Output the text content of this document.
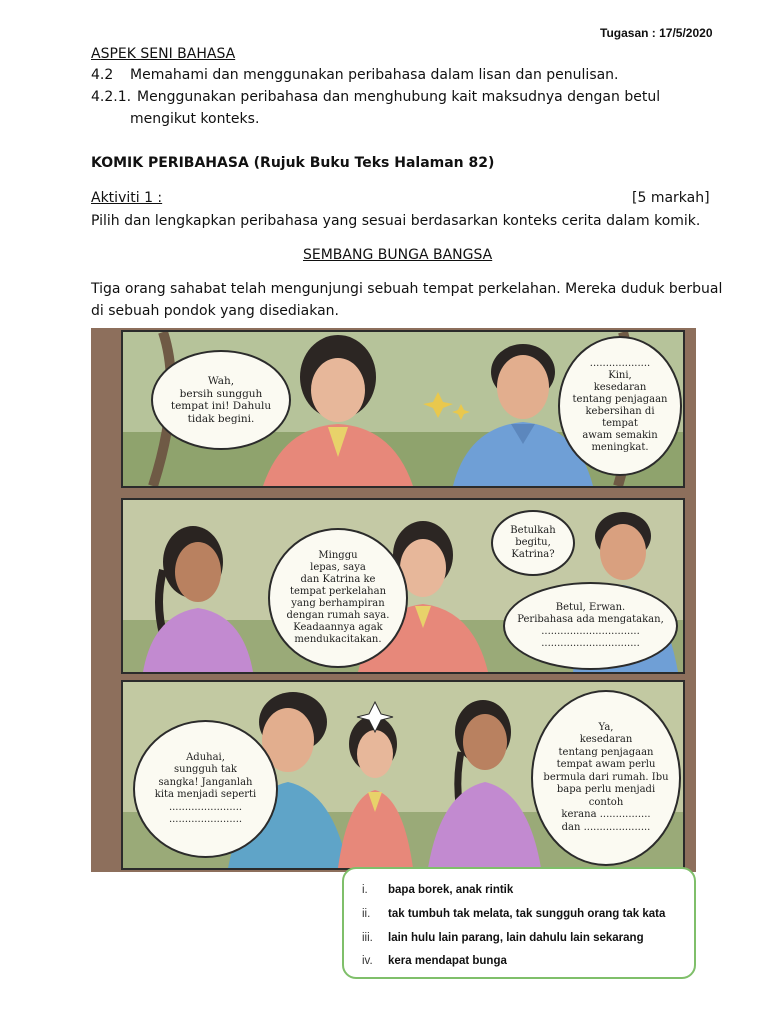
Tugasan : 17/5/2020
ASPEK SENI BAHASA
4.2 Memahami dan menggunakan peribahasa dalam lisan dan penulisan.
4.2.1. Menggunakan peribahasa dan menghubung kait maksudnya dengan betul
mengikut konteks.
KOMIK PERIBAHASA (Rujuk Buku Teks Halaman 82)
Aktiviti 1 :	[5 markah]
Pilih dan lengkapkan peribahasa yang sesuai berdasarkan konteks cerita dalam komik.
SEMBANG BUNGA BANGSA
Tiga orang sahabat telah mengunjungi sebuah tempat perkelahan. Mereka duduk berbual
di sebuah pondok yang disediakan.
Wah,
bersih sungguh
tempat ini! Dahulu
tidak begini.
...................
Kini,
kesedaran
tentang penjagaan
kebersihan di tempat
awam semakin
meningkat.
Minggu
lepas, saya
dan Katrina ke
tempat perkelahan
yang berhampiran
dengan rumah saya.
Keadaannya agak
mendukacitakan.
Betulkah
begitu,
Katrina?
Betul, Erwan.
Peribahasa ada mengatakan,
...............................
...............................
Aduhai,
sungguh tak
sangka! Janganlah
kita menjadi seperti
.......................
.......................
Ya,
kesedaran
tentang penjagaan
tempat awam perlu
bermula dari rumah. Ibu
bapa perlu menjadi contoh
kerana ................
dan .....................
i. bapa borek, anak rintik
ii. tak tumbuh tak melata, tak sungguh orang tak kata
iii. lain hulu lain parang, lain dahulu lain sekarang
iv. kera mendapat bunga
